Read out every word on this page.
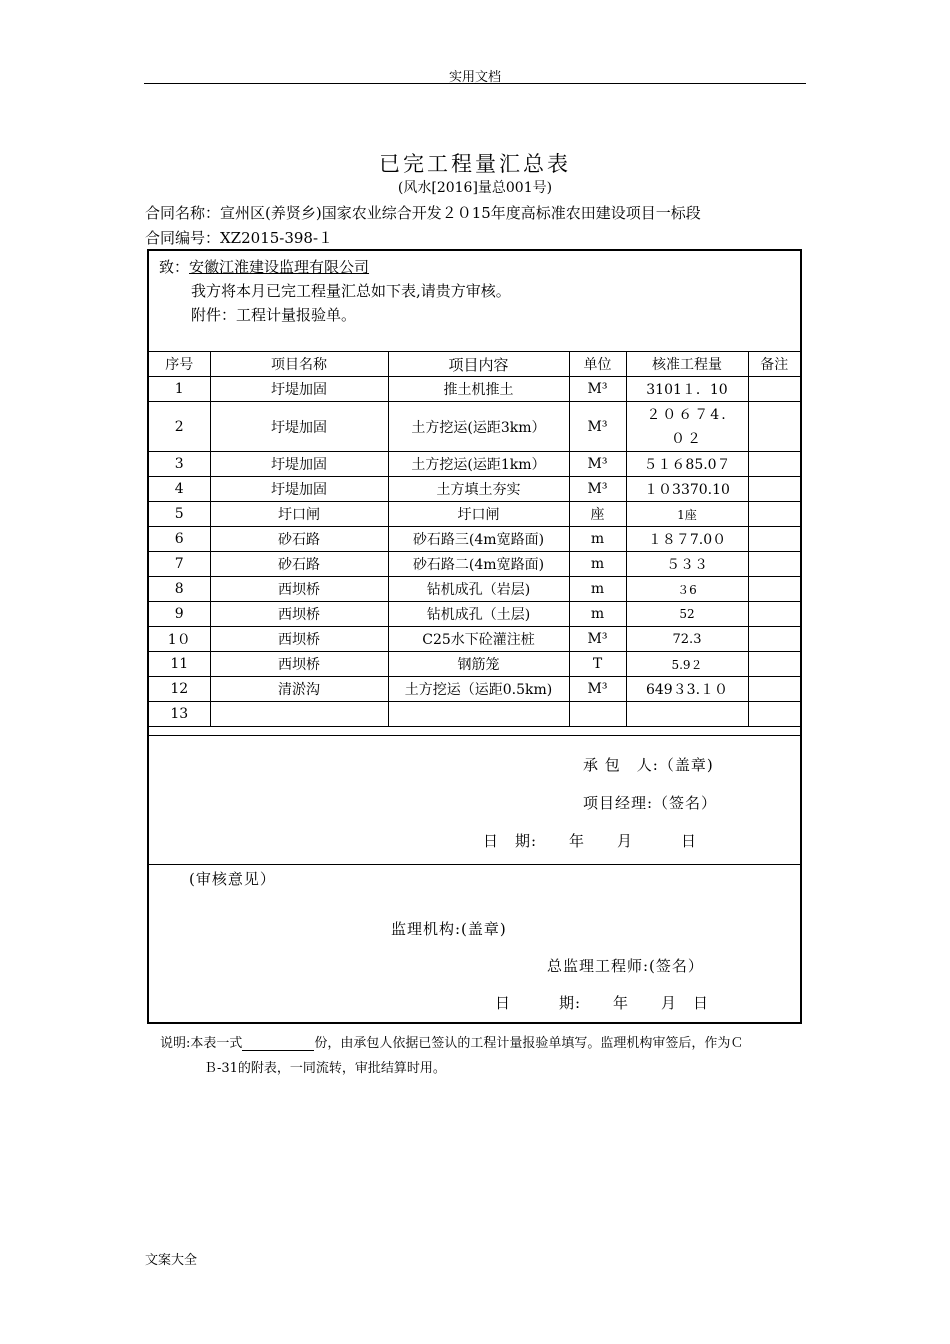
实用文档
已完工程量汇总表
(风水[2016]量总001号)
合同名称：宣州区(养贤乡)国家农业综合开发２０15年度高标准农田建设项目一标段
合同编号：XZ2015-398-１
致：安徽江淮建设监理有限公司
我方将本月已完工程量汇总如下表,请贵方审核。
附件：工程计量报验单。
序号	项目名称	项目内容	单位	核准工程量	备注
1	圩堤加固	推土机推土	M³	3101１．10	
2	圩堤加固	土方挖运(运距3km）	M³	２０６７4.０２	
3	圩堤加固	土方挖运(运距1km）	M³	５１６85.0７	
4	圩堤加固	土方填土夯实	M³	１０3370.10	
5	圩口闸	圩口闸	座	1座	
6	砂石路	砂石路三(4m宽路面)	m	１８７7.0０	
7	砂石路	砂石路二(4m宽路面)	m	５３３	
8	西坝桥	钻机成孔（岩层)	m	３6	
9	西坝桥	钻机成孔（土层)	m	52	
1０	西坝桥	C25水下砼灌注桩	M³	72.3	
11	西坝桥	钢筋笼	T	5.9２	
12	清淤沟	土方挖运（运距0.5km)	M³	649３3.１０	
13					
承 包　人:（盖章)
项目经理:（签名）
日　期:　　年　　月　　　日
(审核意见）
监理机构:(盖章)
总监理工程师:(签名）
日　　　期:　　年　　月　日
说明:本表一式	份，由承包人依据已签认的工程计量报验单填写。监理机构审签后，作为Ｃ
Ｂ-31的附表，一同流转，审批结算时用。
文案大全
